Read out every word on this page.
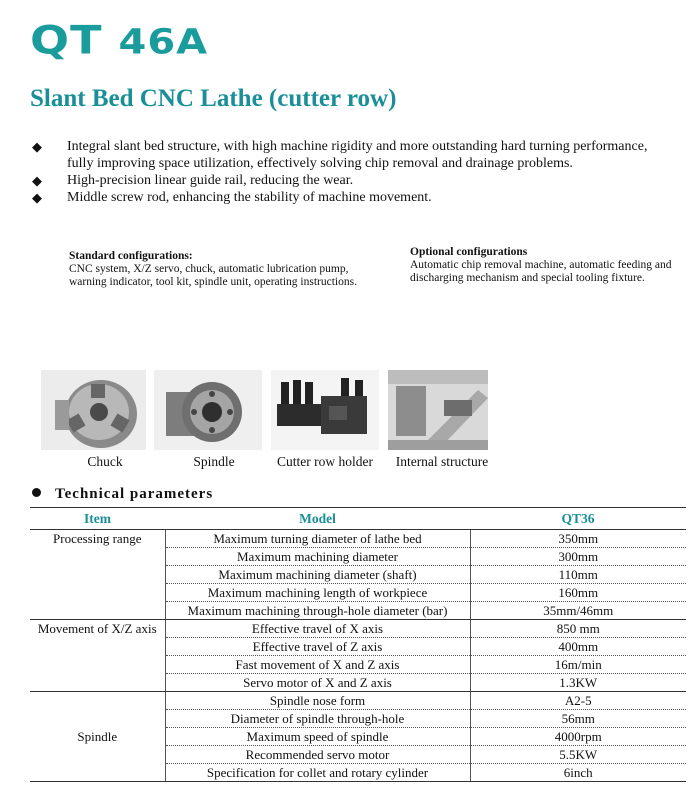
QT 46A
Slant Bed CNC Lathe (cutter row)
◆ Integral slant bed structure, with high machine rigidity and more outstanding hard turning performance, fully improving space utilization, effectively solving chip removal and drainage problems.
◆ High-precision linear guide rail, reducing the wear.
◆ Middle screw rod, enhancing the stability of machine movement.
Standard configurations:
CNC system, X/Z servo, chuck, automatic lubrication pump, warning indicator, tool kit, spindle unit, operating instructions.
Optional configurations
Automatic chip removal machine, automatic feeding and discharging mechanism and special tooling fixture.
Chuck	Spindle	Cutter row holder	Internal structure
Technical parameters
Item	Model	QT36
Processing range	Maximum turning diameter of lathe bed	350mm
	Maximum machining diameter	300mm
	Maximum machining diameter (shaft)	110mm
	Maximum machining length of workpiece	160mm
	Maximum machining through-hole diameter (bar)	35mm/46mm
Movement of X/Z axis	Effective travel of X axis	850 mm
	Effective travel of Z axis	400mm
	Fast movement of X and Z axis	16m/min
	Servo motor of X and Z axis	1.3KW
Spindle	Spindle nose form	A2-5
	Diameter of spindle through-hole	56mm
	Maximum speed of spindle	4000rpm
	Recommended servo motor	5.5KW
	Specification for collet and rotary cylinder	6inch
